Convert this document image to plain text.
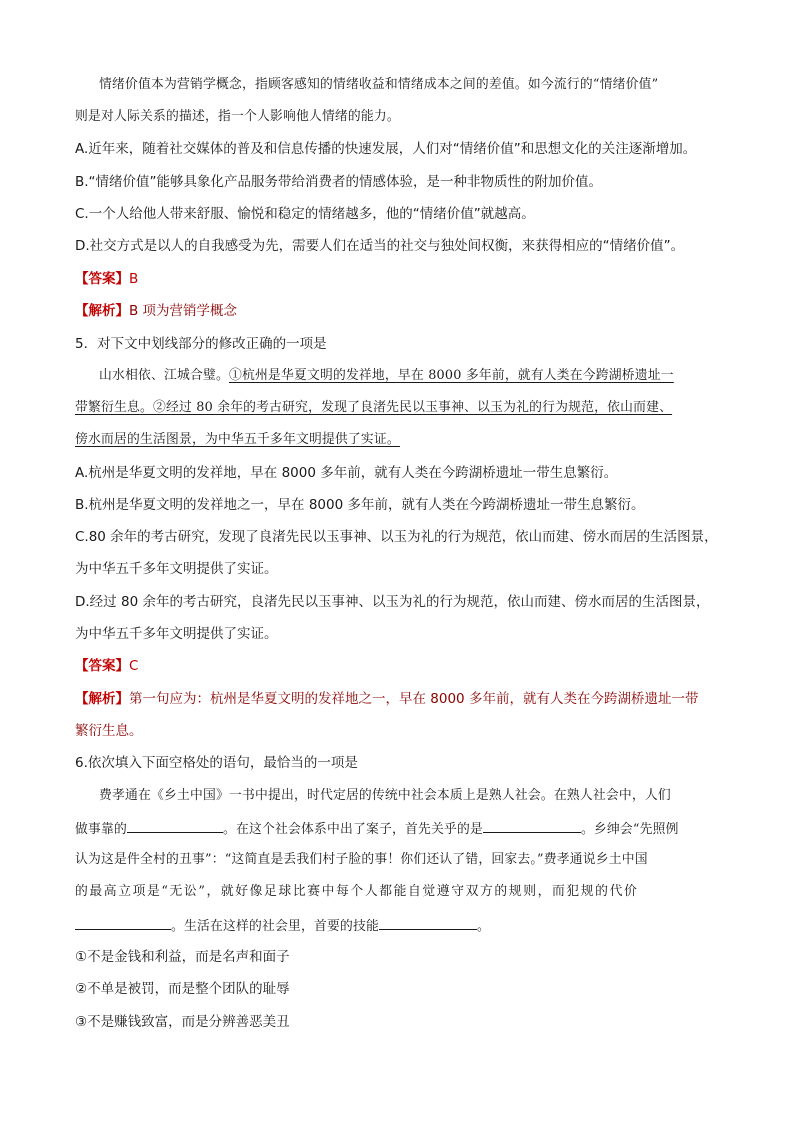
情绪价值本为营销学概念，指顾客感知的情绪收益和情绪成本之间的差值。如今流行的“情绪价值”
则是对人际关系的描述，指一个人影响他人情绪的能力。
A.近年来，随着社交媒体的普及和信息传播的快速发展，人们对“情绪价值”和思想文化的关注逐渐增加。
B.“情绪价值”能够具象化产品服务带给消费者的情感体验，是一种非物质性的附加价值。
C.一个人给他人带来舒服、愉悦和稳定的情绪越多，他的“情绪价值”就越高。
D.社交方式是以人的自我感受为先，需要人们在适当的社交与独处间权衡，来获得相应的“情绪价值”。
【答案】B
【解析】B 项为营销学概念
5．对下文中划线部分的修改正确的一项是
山水相依、江城合璧。①杭州是华夏文明的发祥地，早在 8000 多年前，就有人类在今跨湖桥遗址一
带繁衍生息。②经过 80 余年的考古研究，发现了良渚先民以玉事神、以玉为礼的行为规范，依山而建、
傍水而居的生活图景，为中华五千多年文明提供了实证。
A.杭州是华夏文明的发祥地，早在 8000 多年前，就有人类在今跨湖桥遗址一带生息繁衍。
B.杭州是华夏文明的发祥地之一，早在 8000 多年前，就有人类在今跨湖桥遗址一带生息繁衍。
C.80 余年的考古研究，发现了良渚先民以玉事神、以玉为礼的行为规范，依山而建、傍水而居的生活图景，
为中华五千多年文明提供了实证。
D.经过 80 余年的考古研究，良渚先民以玉事神、以玉为礼的行为规范，依山而建、傍水而居的生活图景，
为中华五千多年文明提供了实证。
【答案】C
【解析】第一句应为：杭州是华夏文明的发祥地之一，早在 8000 多年前，就有人类在今跨湖桥遗址一带
繁衍生息。
6.依次填入下面空格处的语句，最恰当的一项是
费孝通在《乡土中国》一书中提出，时代定居的传统中社会本质上是熟人社会。在熟人社会中，人们
做事靠的	。在这个社会体系中出了案子，首先关乎的是	。乡绅会“先照例
认为这是件全村的丑事”：“这简直是丢我们村子脸的事！你们还认了错，回家去。”费孝通说乡土中国
的最高立项是“无讼”，就好像足球比赛中每个人都能自觉遵守双方的规则，而犯规的代价
。生活在这样的社会里，首要的技能	。
①不是金钱和利益，而是名声和面子
②不单是被罚，而是整个团队的耻辱
③不是赚钱致富，而是分辨善恶美丑
